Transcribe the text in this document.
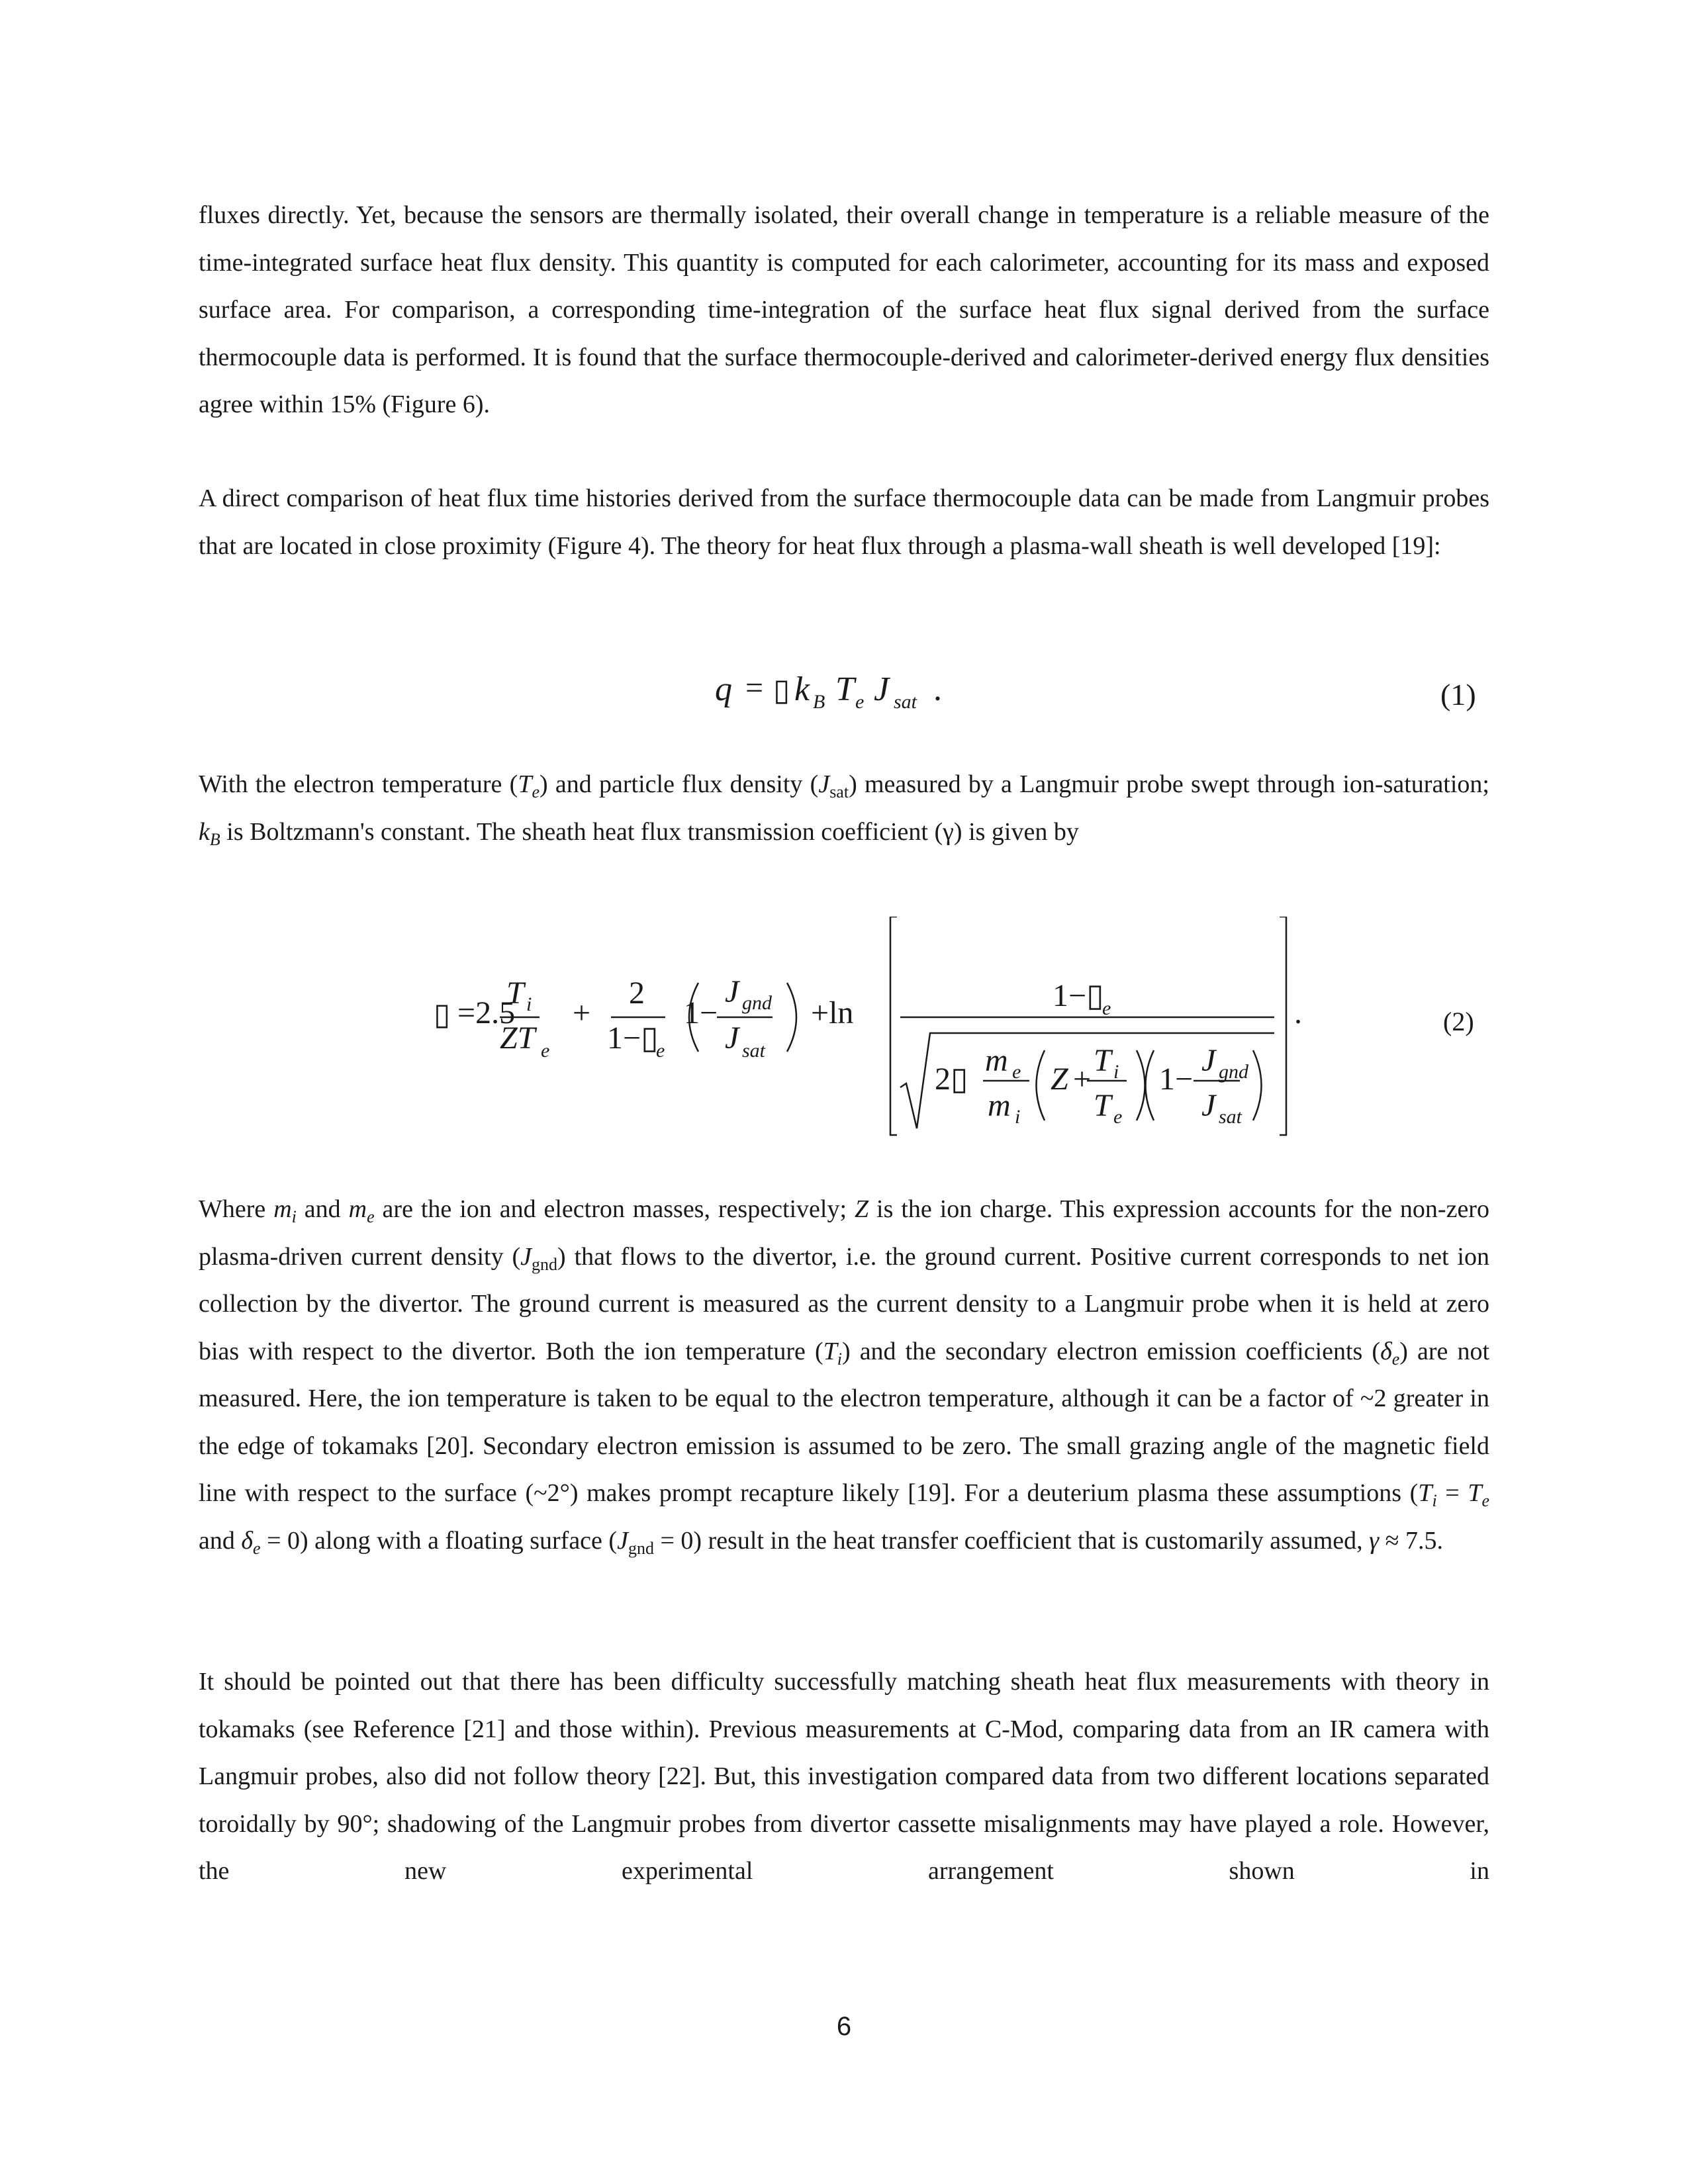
fluxes directly. Yet, because the sensors are thermally isolated, their overall change in temperature is a reliable measure of the time-integrated surface heat flux density. This quantity is computed for each calorimeter, accounting for its mass and exposed surface area. For comparison, a corresponding time-integration of the surface heat flux signal derived from the surface thermocouple data is performed. It is found that the surface thermocouple-derived and calorimeter-derived energy flux densities agree within 15% (Figure 6).

A direct comparison of heat flux time histories derived from the surface thermocouple data can be made from Langmuir probes that are located in close proximity (Figure 4). The theory for heat flux through a plasma-wall sheath is well developed [19]:

q = ▯ k B T e J sat .	(1)

With the electron temperature $(T_e)$ and particle flux density $(J_{sat})$ measured by a Langmuir probe swept through ion-saturation; $k_B$ is Boltzmann's constant. The sheath heat flux transmission coefficient (γ) is given by

▯ =2.5
T i
ZT e
+
2
1−▯
e
1−
J gnd
J sat
+ln	1−▯
e
2▯
m e
m i
Z +
T i
T e
1−
J gnd
J sat
.	(2)

Where $m_i$ and $m_e$ are the ion and electron masses, respectively; Z is the ion charge. This expression accounts for the non-zero plasma-driven current density $(J_{gnd})$ that flows to the divertor, i.e. the ground current. Positive current corresponds to net ion collection by the divertor. The ground current is measured as the current density to a Langmuir probe when it is held at zero bias with respect to the divertor. Both the ion temperature $(T_i)$ and the secondary electron emission coefficients $(\delta_e)$ are not measured. Here, the ion temperature is taken to be equal to the electron temperature, although it can be a factor of ~2 greater in the edge of tokamaks [20]. Secondary electron emission is assumed to be zero. The small grazing angle of the magnetic field line with respect to the surface (~2°) makes prompt recapture likely [19]. For a deuterium plasma these assumptions ($T_i = T_e$ and $\delta_e = 0$) along with a floating surface $(J_{gnd} = 0)$ result in the heat transfer coefficient that is customarily assumed, γ ≈ 7.5.

It should be pointed out that there has been difficulty successfully matching sheath heat flux measurements with theory in tokamaks (see Reference [21] and those within). Previous measurements at C-Mod, comparing data from an IR camera with Langmuir probes, also did not follow theory [22]. But, this investigation compared data from two different locations separated toroidally by 90°; shadowing of the Langmuir probes from divertor cassette misalignments may have played a role. However, the new experimental arrangement shown in

6
